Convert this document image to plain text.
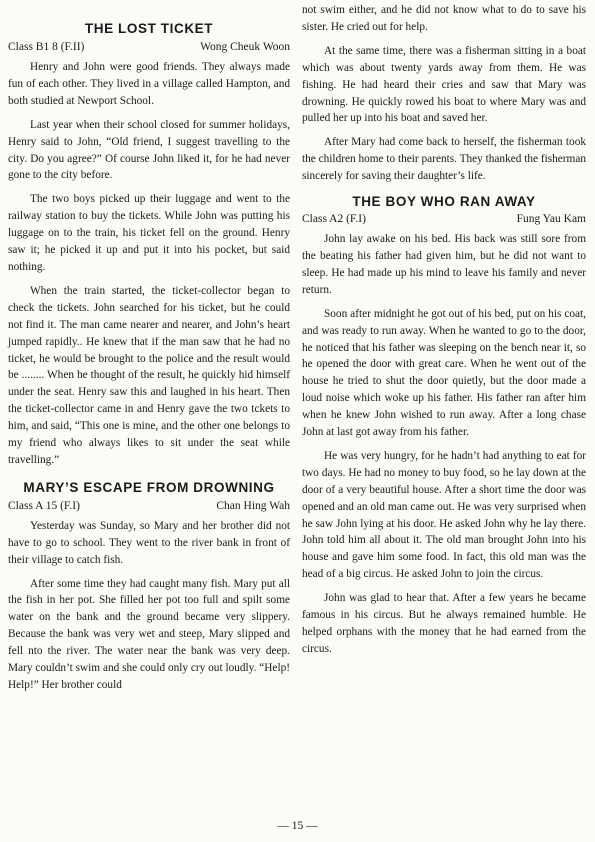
THE LOST TICKET
Class B1 8 (F.II)	Wong Cheuk Woon

Henry and John were good friends. They always made fun of each other. They lived in a village called Hampton, and both studied at Newport School.

Last year when their school closed for summer holidays, Henry said to John, “Old friend, I suggest travelling to the city. Do you agree?” Of course John liked it, for he had never gone to the city before.

The two boys picked up their luggage and went to the railway station to buy the tickets. While John was putting his luggage on to the train, his ticket fell on the ground. Henry saw it; he picked it up and put it into his pocket, but said nothing.

When the train started, the ticket-collector began to check the tickets. John searched for his ticket, but he could not find it. The man came nearer and nearer, and John’s heart jumped rapidly.. He knew that if the man saw that he had no ticket, he would be brought to the police and the result would be ........ When he thought of the result, he quickly hid himself under the seat. Henry saw this and laughed in his heart. Then the ticket-collector came in and Henry gave the two tckets to him, and said, “This one is mine, and the other one belongs to my friend who always likes to sit under the seat while travelling.”

MARY’S ESCAPE FROM DROWNING
Class A 15 (F.I)	Chan Hing Wah

Yesterday was Sunday, so Mary and her brother did not have to go to school. They went to the river bank in front of their village to catch fish.

After some time they had caught many fish. Mary put all the fish in her pot. She filled her pot too full and spilt some water on the bank and the ground became very slippery. Because the bank was very wet and steep, Mary slipped and fell nto the river. The water near the bank was very deep. Mary couldn’t swim and she could only cry out loudly. “Help! Help!” Her brother could

not swim either, and he did not know what to do to save his sister. He cried out for help.

At the same time, there was a fisherman sitting in a boat which was about twenty yards away from them. He was fishing. He had heard their cries and saw that Mary was drowning. He quickly rowed his boat to where Mary was and pulled her up into his boat and saved her.

After Mary had come back to herself, the fisherman took the children home to their parents. They thanked the fisherman sincerely for saving their daughter’s life.

THE BOY WHO RAN AWAY
Class A2 (F.I)	Fung Yau Kam

John lay awake on his bed. His back was still sore from the beating his father had given him, but he did not want to sleep. He had made up his mind to leave his family and never return.

Soon after midnight he got out of his bed, put on his coat, and was ready to run away. When he wanted to go to the door, he noticed that his father was sleeping on the bench near it, so he opened the door with great care. When he went out of the house he tried to shut the door quietly, but the door made a loud noise which woke up his father. His father ran after him when he knew John wished to run away. After a long chase John at last got away from his father.

He was very hungry, for he hadn’t had anything to eat for two days. He had no money to buy food, so he lay down at the door of a very beautiful house. After a short time the door was opened and an old man came out. He was very surprised when he saw John lying at his door. He asked John why he lay there. John told him all about it. The old man brought John into his house and gave him some food. In fact, this old man was the head of a big circus. He asked John to join the circus.

John was glad to hear that. After a few years he became famous in his circus. But he always remained humble. He helped orphans with the money that he had earned from the circus.

— 15 —
